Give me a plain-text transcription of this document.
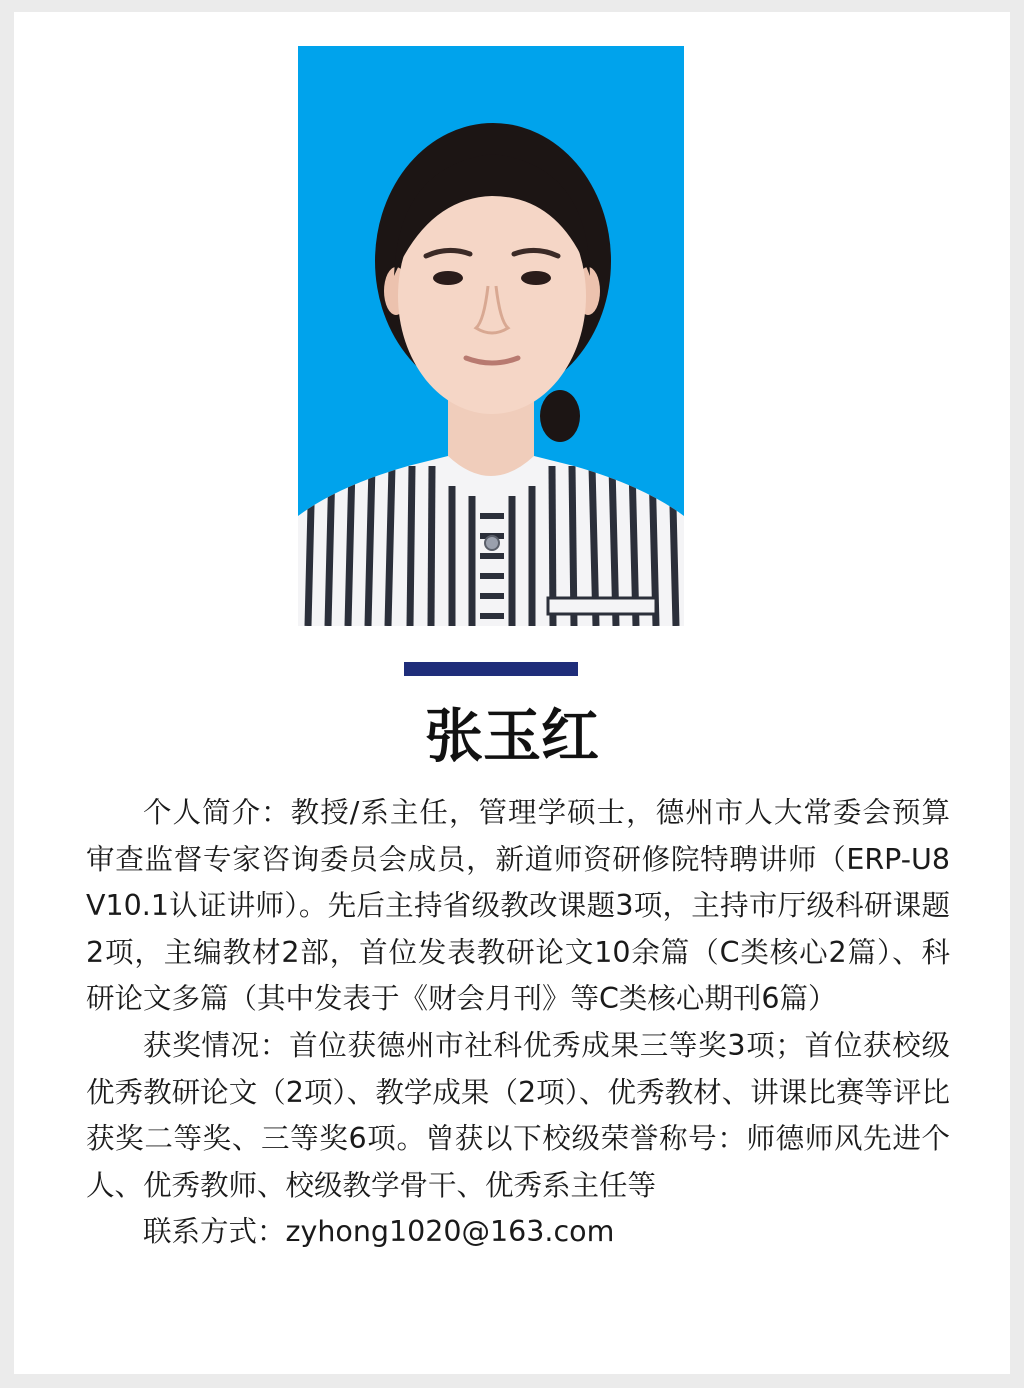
张玉红

个人简介：教授/系主任，管理学硕士，德州市人大常委会预算审查监督专家咨询委员会成员，新道师资研修院特聘讲师（ERP-U8V10.1认证讲师）。先后主持省级教改课题3项，主持市厅级科研课题2项，主编教材2部，首位发表教研论文10余篇（C类核心2篇）、科研论文多篇（其中发表于《财会月刊》等C类核心期刊6篇）

获奖情况：首位获德州市社科优秀成果三等奖3项；首位获校级优秀教研论文（2项）、教学成果（2项）、优秀教材、讲课比赛等评比获奖二等奖、三等奖6项。曾获以下校级荣誉称号：师德师风先进个人、优秀教师、校级教学骨干、优秀系主任等

联系方式：zyhong1020@163.com
